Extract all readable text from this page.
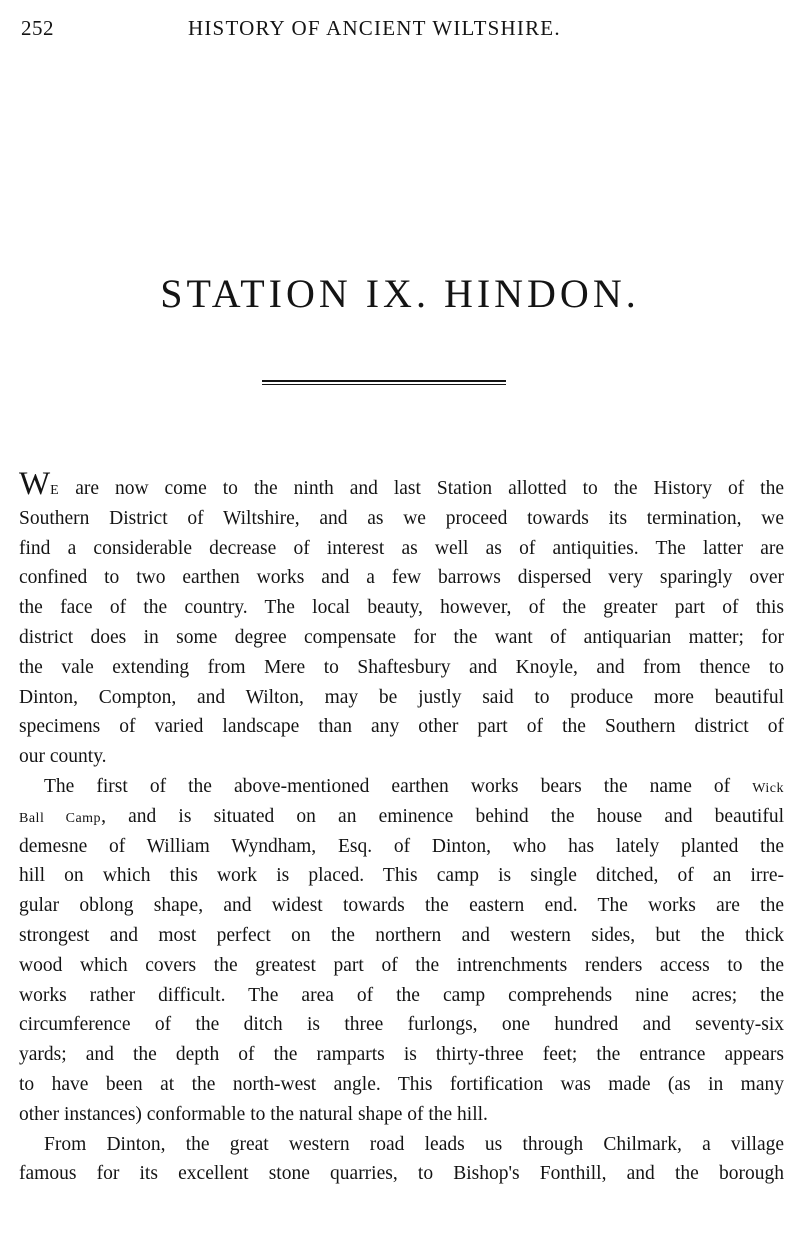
252	HISTORY OF ANCIENT WILTSHIRE.
STATION IX. HINDON.
WE are now come to the ninth and last Station allotted to the History of the
Southern District of Wiltshire, and as we proceed towards its termination, we
find a considerable decrease of interest as well as of antiquities. The latter are
confined to two earthen works and a few barrows dispersed very sparingly over
the face of the country. The local beauty, however, of the greater part of this
district does in some degree compensate for the want of antiquarian matter; for
the vale extending from Mere to Shaftesbury and Knoyle, and from thence to
Dinton, Compton, and Wilton, may be justly said to produce more beautiful
specimens of varied landscape than any other part of the Southern district of
our county.
The first of the above-mentioned earthen works bears the name of Wick
Ball Camp, and is situated on an eminence behind the house and beautiful
demesne of William Wyndham, Esq. of Dinton, who has lately planted the
hill on which this work is placed. This camp is single ditched, of an irre-
gular oblong shape, and widest towards the eastern end. The works are the
strongest and most perfect on the northern and western sides, but the thick
wood which covers the greatest part of the intrenchments renders access to the
works rather difficult. The area of the camp comprehends nine acres; the
circumference of the ditch is three furlongs, one hundred and seventy-six
yards; and the depth of the ramparts is thirty-three feet; the entrance appears
to have been at the north-west angle. This fortification was made (as in many
other instances) conformable to the natural shape of the hill.
From Dinton, the great western road leads us through Chilmark, a village
famous for its excellent stone quarries, to Bishop's Fonthill, and the borough
